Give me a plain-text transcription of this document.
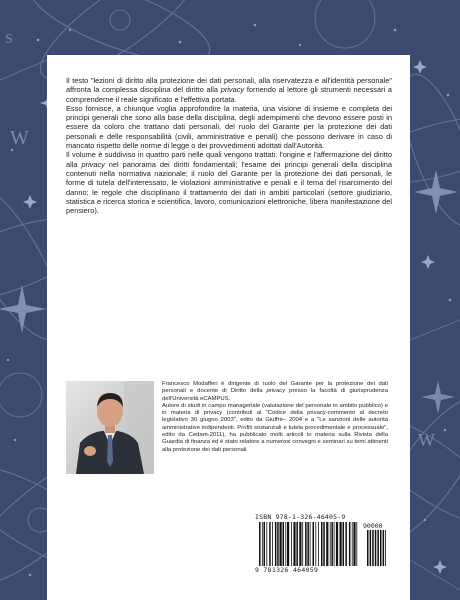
W
W
S

Il testo "lezioni di diritto alla protezione dei dati personali, alla riservatezza e all'identità personale" affronta la complessa disciplina del diritto alla privacy fornendo al lettore gli strumenti necessari a comprenderne il reale significato e l'effettiva portata.

Esso fornisce, a chiunque voglia approfondire la materia, una visione di insieme e completa dei principi generali che sono alla base della disciplina, degli adempimenti che devono essere posti in essere da coloro che trattano dati personali, del ruolo del Garante per la protezione dei dati personali e delle responsabilità (civili, amministrative e penali) che possono derivare in caso di mancato rispetto delle norme di legge o dei provvedimenti adottati dall'Autorità.

Il volume è suddiviso in quattro parti nelle quali vengono trattati: l'origine e l'affermazione del diritto alla privacy nel panorama dei diritti fondamentali; l'esame dei principi generali della disciplina contenuti nella normativa nazionale; il ruolo del Garante per la protezione dei dati personali, le forme di tutela dell'interessato, le violazioni amministrative e penali e il tema del risarcimento del danno; le regole che disciplinano il trattamento dei dati in ambiti particolari (settore giudiziario, statistica e ricerca storica e scientifica, lavoro, comunicazioni elettroniche, libera manifestazione del pensiero).

Francesco Modafferi è dirigente di ruolo del Garante per la protezione dei dati personali e docente di Diritto della privacy presso la facoltà di giurisprudenza dell'Università eCAMPUS.

Autore di studi in campo manageriale (valutazione del personale in ambito pubblico) e in materia di privacy (contributi al "Codice della privacy-commento al decreto legislativo 30 giugno 2003", edito da Giuffrè– 2004 e a "Le sanzioni delle autorità amministrative indipendenti. Profili sostanziali e tutela procedimentale e processuale", edito da Cedam-2011), ha pubblicato molti articoli in materia sulla Rivista della Guardia di finanza ed è stato relatore a numerosi convegni e seminari su temi attinenti alla protezione dei dati personali

ISBN 978-1-326-46405-9
90000
9 781326 464059
ID: 17616658
www.lulu.com
